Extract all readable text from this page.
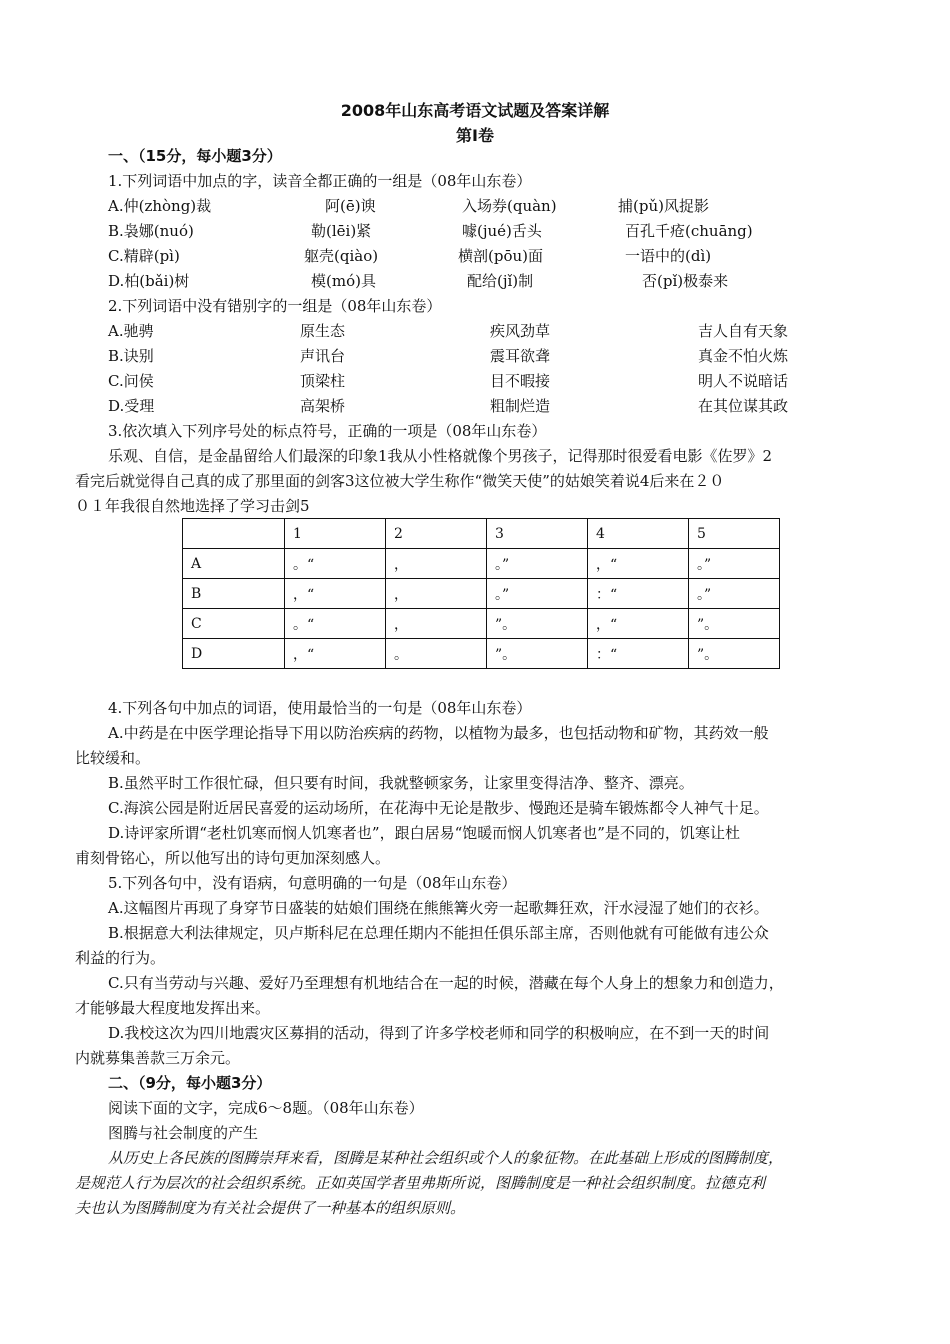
2008年山东高考语文试题及答案详解
第Ⅰ卷
一、（15分，每小题3分）
1.下列词语中加点的字，读音全都正确的一组是（08年山东卷）
A.仲(zhòng)裁	阿(ē)谀	入场券(quàn)	捕(pǔ)风捉影
B.袅娜(nuó)	勒(lēi)紧	噱(jué)舌头	百孔千疮(chuāng)
C.精辟(pì)	躯壳(qiào)	横剖(pōu)面	一语中的(dì)
D.柏(bǎi)树	模(mó)具	配给(jǐ)制	否(pǐ)极泰来
2.下列词语中没有错别字的一组是（08年山东卷）
A.驰骋	原生态	疾风劲草	吉人自有天象
B.诀别	声讯台	震耳欲聋	真金不怕火炼
C.问侯	顶梁柱	目不暇接	明人不说暗话
D.受理	高架桥	粗制烂造	在其位谋其政
3.依次填入下列序号处的标点符号，正确的一项是（08年山东卷）
乐观、自信，是金晶留给人们最深的印象1我从小性格就像个男孩子，记得那时很爱看电影《佐罗》2
看完后就觉得自己真的成了那里面的剑客3这位被大学生称作“微笑天使”的姑娘笑着说4后来在２０
０１年我很自然地选择了学习击剑5
	1	2	3	4	5
A	。“	，	。”	，“	。”
B	，“	，	。”	：“	。”
C	。“	，	”。	，“	”。
D	，“	。	”。	：“	”。
4.下列各句中加点的词语，使用最恰当的一句是（08年山东卷）
A.中药是在中医学理论指导下用以防治疾病的药物，以植物为最多，也包括动物和矿物，其药效一般
比较缓和。
B.虽然平时工作很忙碌，但只要有时间，我就整顿家务，让家里变得洁净、整齐、漂亮。
C.海滨公园是附近居民喜爱的运动场所，在花海中无论是散步、慢跑还是骑车锻炼都令人神气十足。
D.诗评家所谓“老杜饥寒而悯人饥寒者也”，跟白居易“饱暖而悯人饥寒者也”是不同的，饥寒让杜
甫刻骨铭心，所以他写出的诗句更加深刻感人。
5.下列各句中，没有语病，句意明确的一句是（08年山东卷）
A.这幅图片再现了身穿节日盛装的姑娘们围绕在熊熊篝火旁一起歌舞狂欢，汗水浸湿了她们的衣衫。
B.根据意大利法律规定，贝卢斯科尼在总理任期内不能担任俱乐部主席，否则他就有可能做有违公众
利益的行为。
C.只有当劳动与兴趣、爱好乃至理想有机地结合在一起的时候，潜藏在每个人身上的想象力和创造力，
才能够最大程度地发挥出来。
D.我校这次为四川地震灾区募捐的活动，得到了许多学校老师和同学的积极响应，在不到一天的时间
内就募集善款三万余元。
二、（9分，每小题3分）
阅读下面的文字，完成6～8题。（08年山东卷）
图腾与社会制度的产生
从历史上各民族的图腾崇拜来看，图腾是某种社会组织或个人的象征物。在此基础上形成的图腾制度，
是规范人行为层次的社会组织系统。正如英国学者里弗斯所说，图腾制度是一种社会组织制度。拉德克利
夫也认为图腾制度为有关社会提供了一种基本的组织原则。
